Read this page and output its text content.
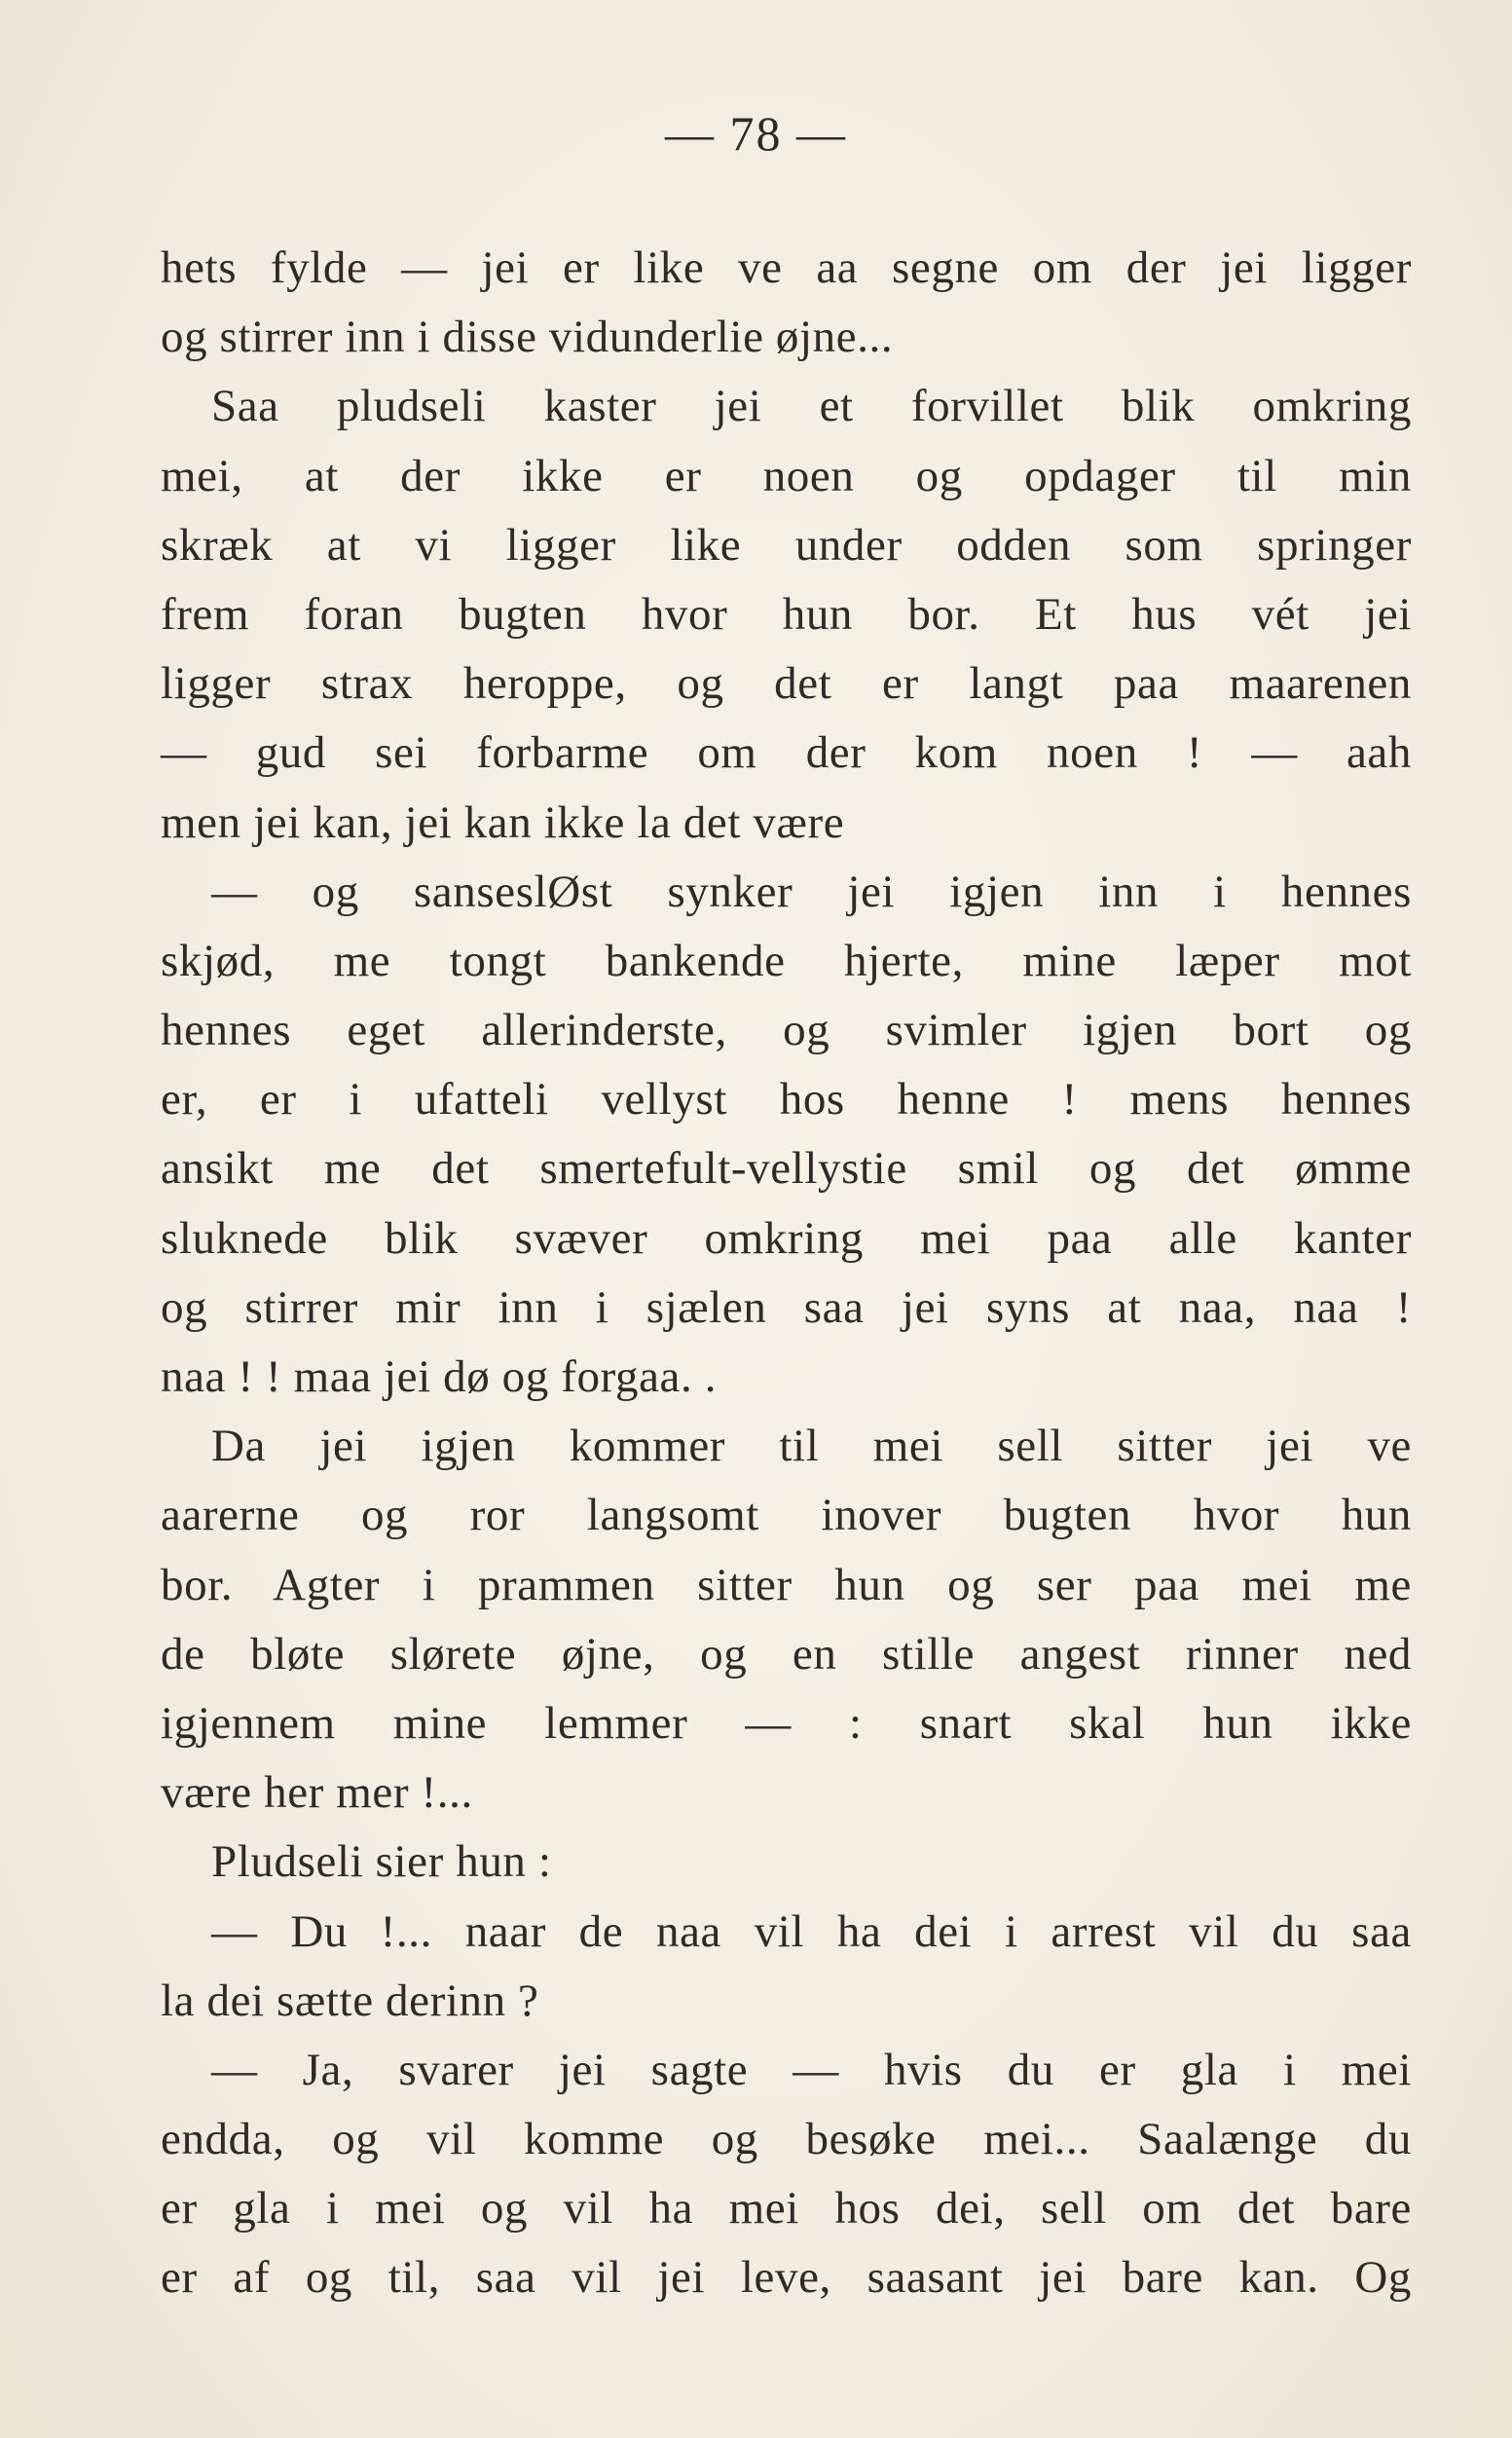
— 78 —
hets fylde — jei er like ve aa segne om der jei ligger
og stirrer inn i disse vidunderlie øjne...
Saa pludseli kaster jei et forvillet blik omkring
mei, at der ikke er noen og opdager til min
skræk at vi ligger like under odden som springer
frem foran bugten hvor hun bor. Et hus vét jei
ligger strax heroppe, og det er langt paa maarenen
— gud sei forbarme om der kom noen ! — aah
men jei kan, jei kan ikke la det være
— og sanseslØst synker jei igjen inn i hennes
skjød, me tongt bankende hjerte, mine læper mot
hennes eget allerinderste, og svimler igjen bort og
er, er i ufatteli vellyst hos henne ! mens hennes
ansikt me det smertefult-vellystie smil og det ømme
sluknede blik svæver omkring mei paa alle kanter
og stirrer mir inn i sjælen saa jei syns at naa, naa !
naa ! ! maa jei dø og forgaa. .
Da jei igjen kommer til mei sell sitter jei ve
aarerne og ror langsomt inover bugten hvor hun
bor. Agter i prammen sitter hun og ser paa mei me
de bløte slørete øjne, og en stille angest rinner ned
igjennem mine lemmer — : snart skal hun ikke
være her mer !...
Pludseli sier hun :
— Du !... naar de naa vil ha dei i arrest vil du saa
la dei sætte derinn ?
— Ja, svarer jei sagte — hvis du er gla i mei
endda, og vil komme og besøke mei... Saalænge du
er gla i mei og vil ha mei hos dei, sell om det bare
er af og til, saa vil jei leve, saasant jei bare kan. Og
